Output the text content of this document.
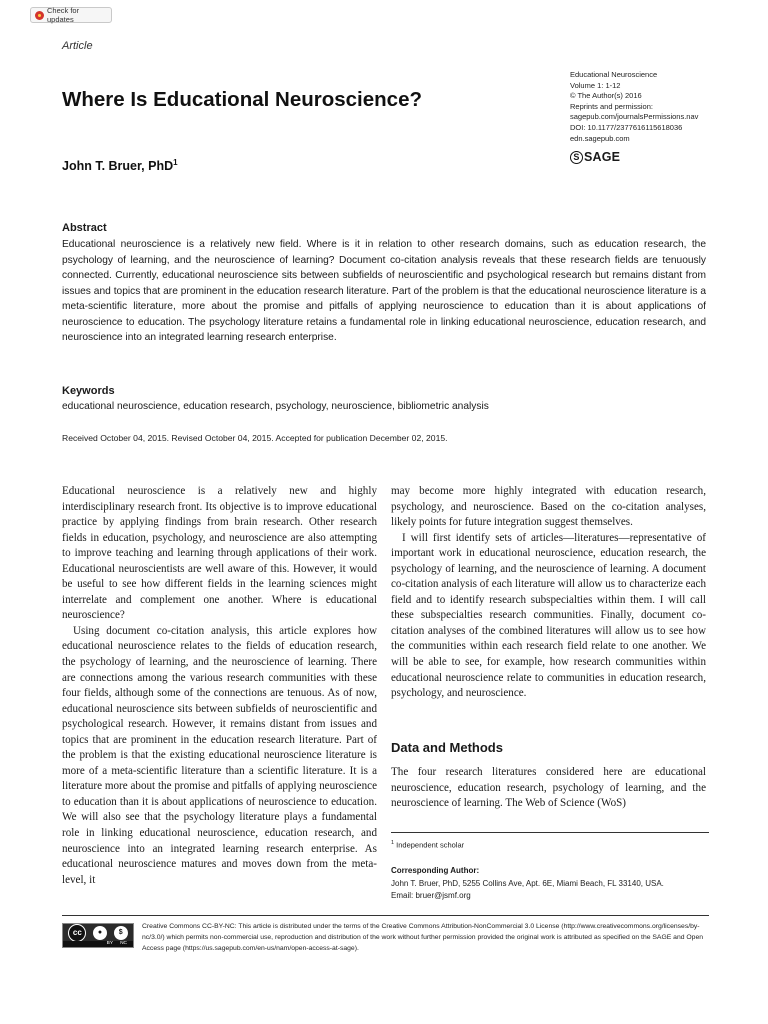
Check for updates
Article
Educational Neuroscience
Volume 1: 1-12
© The Author(s) 2016
Reprints and permission:
sagepub.com/journalsPermissions.nav
DOI: 10.1177/2377616115618036
edn.sagepub.com
S SAGE
Where Is Educational Neuroscience?
John T. Bruer, PhD$^1$
Abstract

Educational neuroscience is a relatively new field. Where is it in relation to other research domains, such as education research, the psychology of learning, and the neuroscience of learning? Document co-citation analysis reveals that these research fields are tenuously connected. Currently, educational neuroscience sits between subfields of neuroscientific and psychological research but remains distant from issues and topics that are prominent in the education research literature. Part of the problem is that the educational neuroscience literature is a meta-scientific literature, more about the promise and pitfalls of applying neuroscience to education than it is about applications of neuroscience to education. The psychology literature retains a fundamental role in linking educational neuroscience, education research, and neuroscience into an integrated learning research enterprise.

Keywords
educational neuroscience, education research, psychology, neuroscience, bibliometric analysis
Received October 04, 2015. Revised October 04, 2015. Accepted for publication December 02, 2015.

Educational neuroscience is a relatively new and highly interdisciplinary research front. Its objective is to improve educational practice by applying findings from brain research. Other research fields in education, psychology, and neuroscience are also attempting to improve teaching and learning through applications of their work. Educational neuroscientists are well aware of this. However, it would be useful to see how different fields in the learning sciences might interrelate and complement one another. Where is educational neuroscience?

Using document co-citation analysis, this article explores how educational neuroscience relates to the fields of education research, the psychology of learning, and the neuroscience of learning. There are connections among the various research communities with these four fields, although some of the connections are tenuous. As of now, educational neuroscience sits between subfields of neuroscientific and psychological research. However, it remains distant from issues and topics that are prominent in the education research literature. Part of the problem is that the existing educational neuroscience literature is more of a meta-scientific literature than a scientific literature. It is a literature more about the promise and pitfalls of applying neuroscience to education than it is about applications of neuroscience to education. We will also see that the psychology literature plays a fundamental role in linking educational neuroscience, education research, and neuroscience into an integrated learning research enterprise. As educational neuroscience matures and moves down from the meta-level, it

may become more highly integrated with education research, psychology, and neuroscience. Based on the co-citation analyses, likely points for future integration suggest themselves.

I will first identify sets of articles—literatures—representative of important work in educational neuroscience, education research, the psychology of learning, and the neuroscience of learning. A document co-citation analysis of each literature will allow us to characterize each field and to identify research subspecialties within them. I will call these subspecialties research communities. Finally, document co-citation analyses of the combined literatures will allow us to see how the communities within each research field relate to one another. We will be able to see, for example, how research communities within educational neuroscience relate to communities in education research, psychology, and neuroscience.

Data and Methods

The four research literatures considered here are educational neuroscience, education research, psychology of learning, and the neuroscience of learning. The Web of Science (WoS)

$^1$ Independent scholar
Corresponding Author:
John T. Bruer, PhD, 5255 Collins Ave, Apt. 6E, Miami Beach, FL 33140, USA.
Email: bruer@jsmf.org
cc	●	$
BY NC

Creative Commons CC-BY-NC: This article is distributed under the terms of the Creative Commons Attribution-NonCommercial 3.0 License (http://www.creativecommons.org/licenses/by-nc/3.0/) which permits non-commercial use, reproduction and distribution of the work without further permission provided the original work is attributed as specified on the SAGE and Open Access page (https://us.sagepub.com/en-us/nam/open-access-at-sage).
